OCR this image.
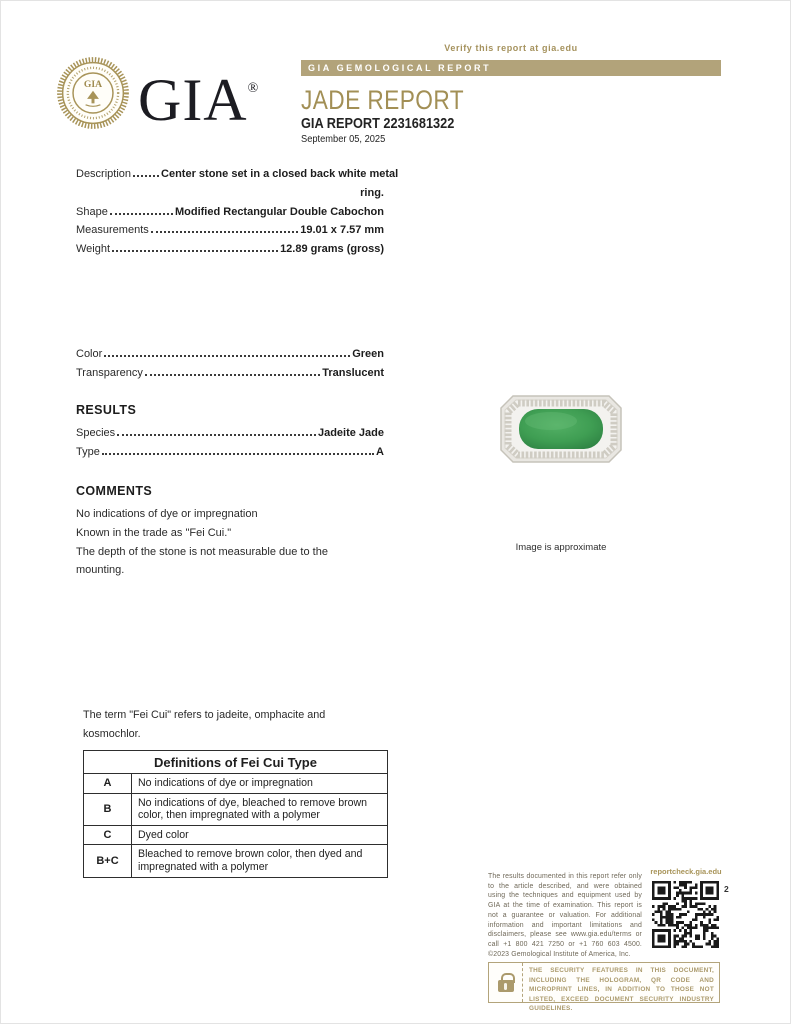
GIA GIA®
Verify this report at gia.edu
GIA GEMOLOGICAL REPORT
JADE REPORT
GIA REPORT 2231681322
September 05, 2025
Description	Center stone set in a closed back white metal
ring.
Shape	Modified Rectangular Double Cabochon
Measurements	19.01 x 7.57 mm
Weight	12.89 grams (gross)
Color	Green
Transparency	Translucent
RESULTS
Species	Jadeite Jade
Type	A
COMMENTS
No indications of dye or impregnation
Known in the trade as "Fei Cui."
The depth of the stone is not measurable due to the mounting.
Image is approximate
The term "Fei Cui" refers to jadeite, omphacite and kosmochlor.
Definitions of Fei Cui Type	
A	No indications of dye or impregnation
B	No indications of dye, bleached to remove brown color, then impregnated with a polymer
C	Dyed color
B+C	Bleached to remove brown color, then dyed and impregnated with a polymer
The results documented in this report refer only to the article described, and were obtained using the techniques and equipment used by GIA at the time of examination. This report is not a guarantee or valuation. For additional information and important limitations and disclaimers, please see www.gia.edu/terms or call +1 800 421 7250 or +1 760 603 4500. ©2023 Gemological Institute of America, Inc.
reportcheck.gia.edu
2
THE SECURITY FEATURES IN THIS DOCUMENT, INCLUDING THE HOLOGRAM, QR CODE AND MICROPRINT LINES, IN ADDITION TO THOSE NOT LISTED, EXCEED DOCUMENT SECURITY INDUSTRY GUIDELINES.
